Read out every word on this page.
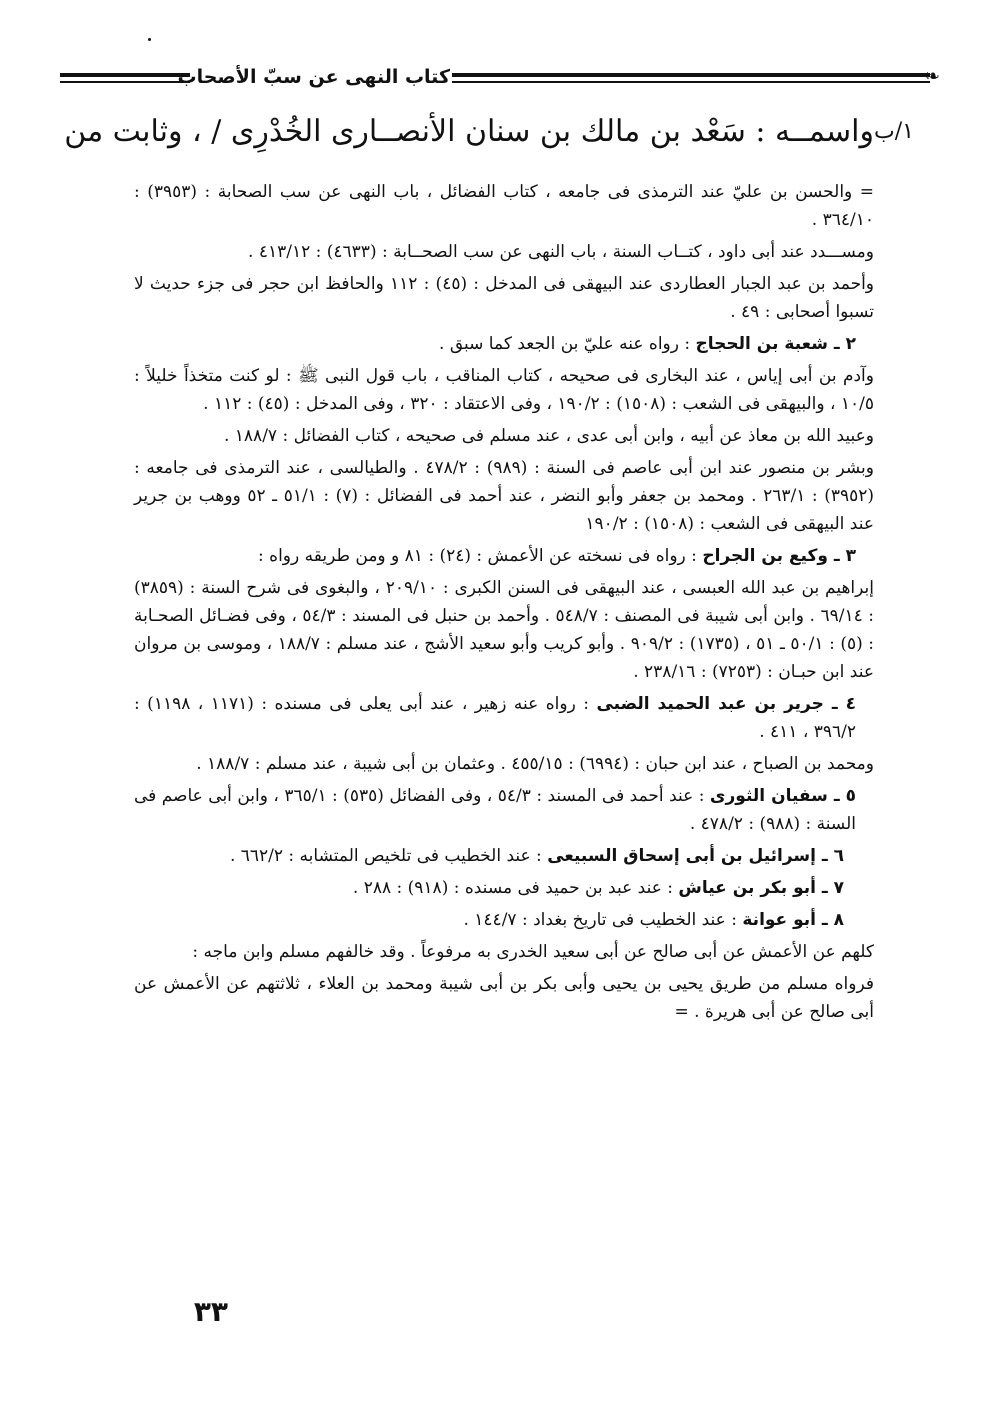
كتاب النهى عن سبّ الأصحاب	❧
١/ب
واسمــه : سَعْد بن مالك بن سنان الأنصــارى الخُدْرِى / ، وثابت من

= والحسن بن عليّ عند الترمذى فى جامعه ، كتاب الفضائل ، باب النهى عن سب الصحابة : (٣٩٥٣) : ٣٦٤/١٠ .

ومســـدد عند أبى داود ، كتــاب السنة ، باب النهى عن سب الصحــابة : (٤٦٣٣) : ٤١٣/١٢ .

وأحمد بن عبد الجبار العطاردى عند البيهقى فى المدخل : (٤٥) : ١١٢ والحافظ ابن حجر فى جزء حديث لا تسبوا أصحابى : ٤٩ .

٢ ـ شعبة بن الحجاج : رواه عنه عليّ بن الجعد كما سبق .

وآدم بن أبى إياس ، عند البخارى فى صحيحه ، كتاب المناقب ، باب قول النبى ﷺ : لو كنت متخذاً خليلاً : ١٠/٥ ، والبيهقى فى الشعب : (١٥٠٨) : ١٩٠/٢ ، وفى الاعتقاد : ٣٢٠ ، وفى المدخل : (٤٥) : ١١٢ .

وعبيد الله بن معاذ عن أبيه ، وابن أبى عدى ، عند مسلم فى صحيحه ، كتاب الفضائل : ١٨٨/٧ .

وبشر بن منصور عند ابن أبى عاصم فى السنة : (٩٨٩) : ٤٧٨/٢ . والطيالسى ، عند الترمذى فى جامعه : (٣٩٥٢) : ٢٦٣/١ . ومحمد بن جعفر وأبو النضر ، عند أحمد فى الفضائل : (٧) : ٥١/١ ـ ٥٢ ووهب بن جرير عند البيهقى فى الشعب : (١٥٠٨) : ١٩٠/٢

٣ ـ وكيع بن الجراح : رواه فى نسخته عن الأعمش : (٢٤) : ٨١ و ومن طريقه رواه :

إبراهيم بن عبد الله العبسى ، عند البيهقى فى السنن الكبرى : ٢٠٩/١٠ ، والبغوى فى شرح السنة : (٣٨٥٩) : ٦٩/١٤ . وابن أبى شيبة فى المصنف : ٥٤٨/٧ . وأحمد بن حنبل فى المسند : ٥٤/٣ ، وفى فضـائل الصحـابة : (٥) : ٥٠/١ ـ ٥١ ، (١٧٣٥) : ٩٠٩/٢ . وأبو كريب وأبو سعيد الأشج ، عند مسلم : ١٨٨/٧ ، وموسى بن مروان عند ابن حبـان : (٧٢٥٣) : ٢٣٨/١٦ .

٤ ـ جرير بن عبد الحميد الضبى : رواه عنه زهير ، عند أبى يعلى فى مسنده : (١١٧١ ، ١١٩٨) : ٣٩٦/٢ ، ٤١١ .

ومحمد بن الصباح ، عند ابن حبان : (٦٩٩٤) : ٤٥٥/١٥ . وعثمان بن أبى شيبة ، عند مسلم : ١٨٨/٧ .

٥ ـ سفيان الثورى : عند أحمد فى المسند : ٥٤/٣ ، وفى الفضائل (٥٣٥) : ٣٦٥/١ ، وابن أبى عاصم فى السنة : (٩٨٨) : ٤٧٨/٢ .

٦ ـ إسرائيل بن أبى إسحاق السبيعى : عند الخطيب فى تلخيص المتشابه : ٦٦٢/٢ .

٧ ـ أبو بكر بن عياش : عند عبد بن حميد فى مسنده : (٩١٨) : ٢٨٨ .

٨ ـ أبو عوانة : عند الخطيب فى تاريخ بغداد : ١٤٤/٧ .

كلهم عن الأعمش عن أبى صالح عن أبى سعيد الخدرى به مرفوعاً . وقد خالفهم مسلم وابن ماجه :

فرواه مسلم من طريق يحيى بن يحيى وأبى بكر بن أبى شيبة ومحمد بن العلاء ، ثلاثتهم عن الأعمش عن أبى صالح عن أبى هريرة . =

٣٣
